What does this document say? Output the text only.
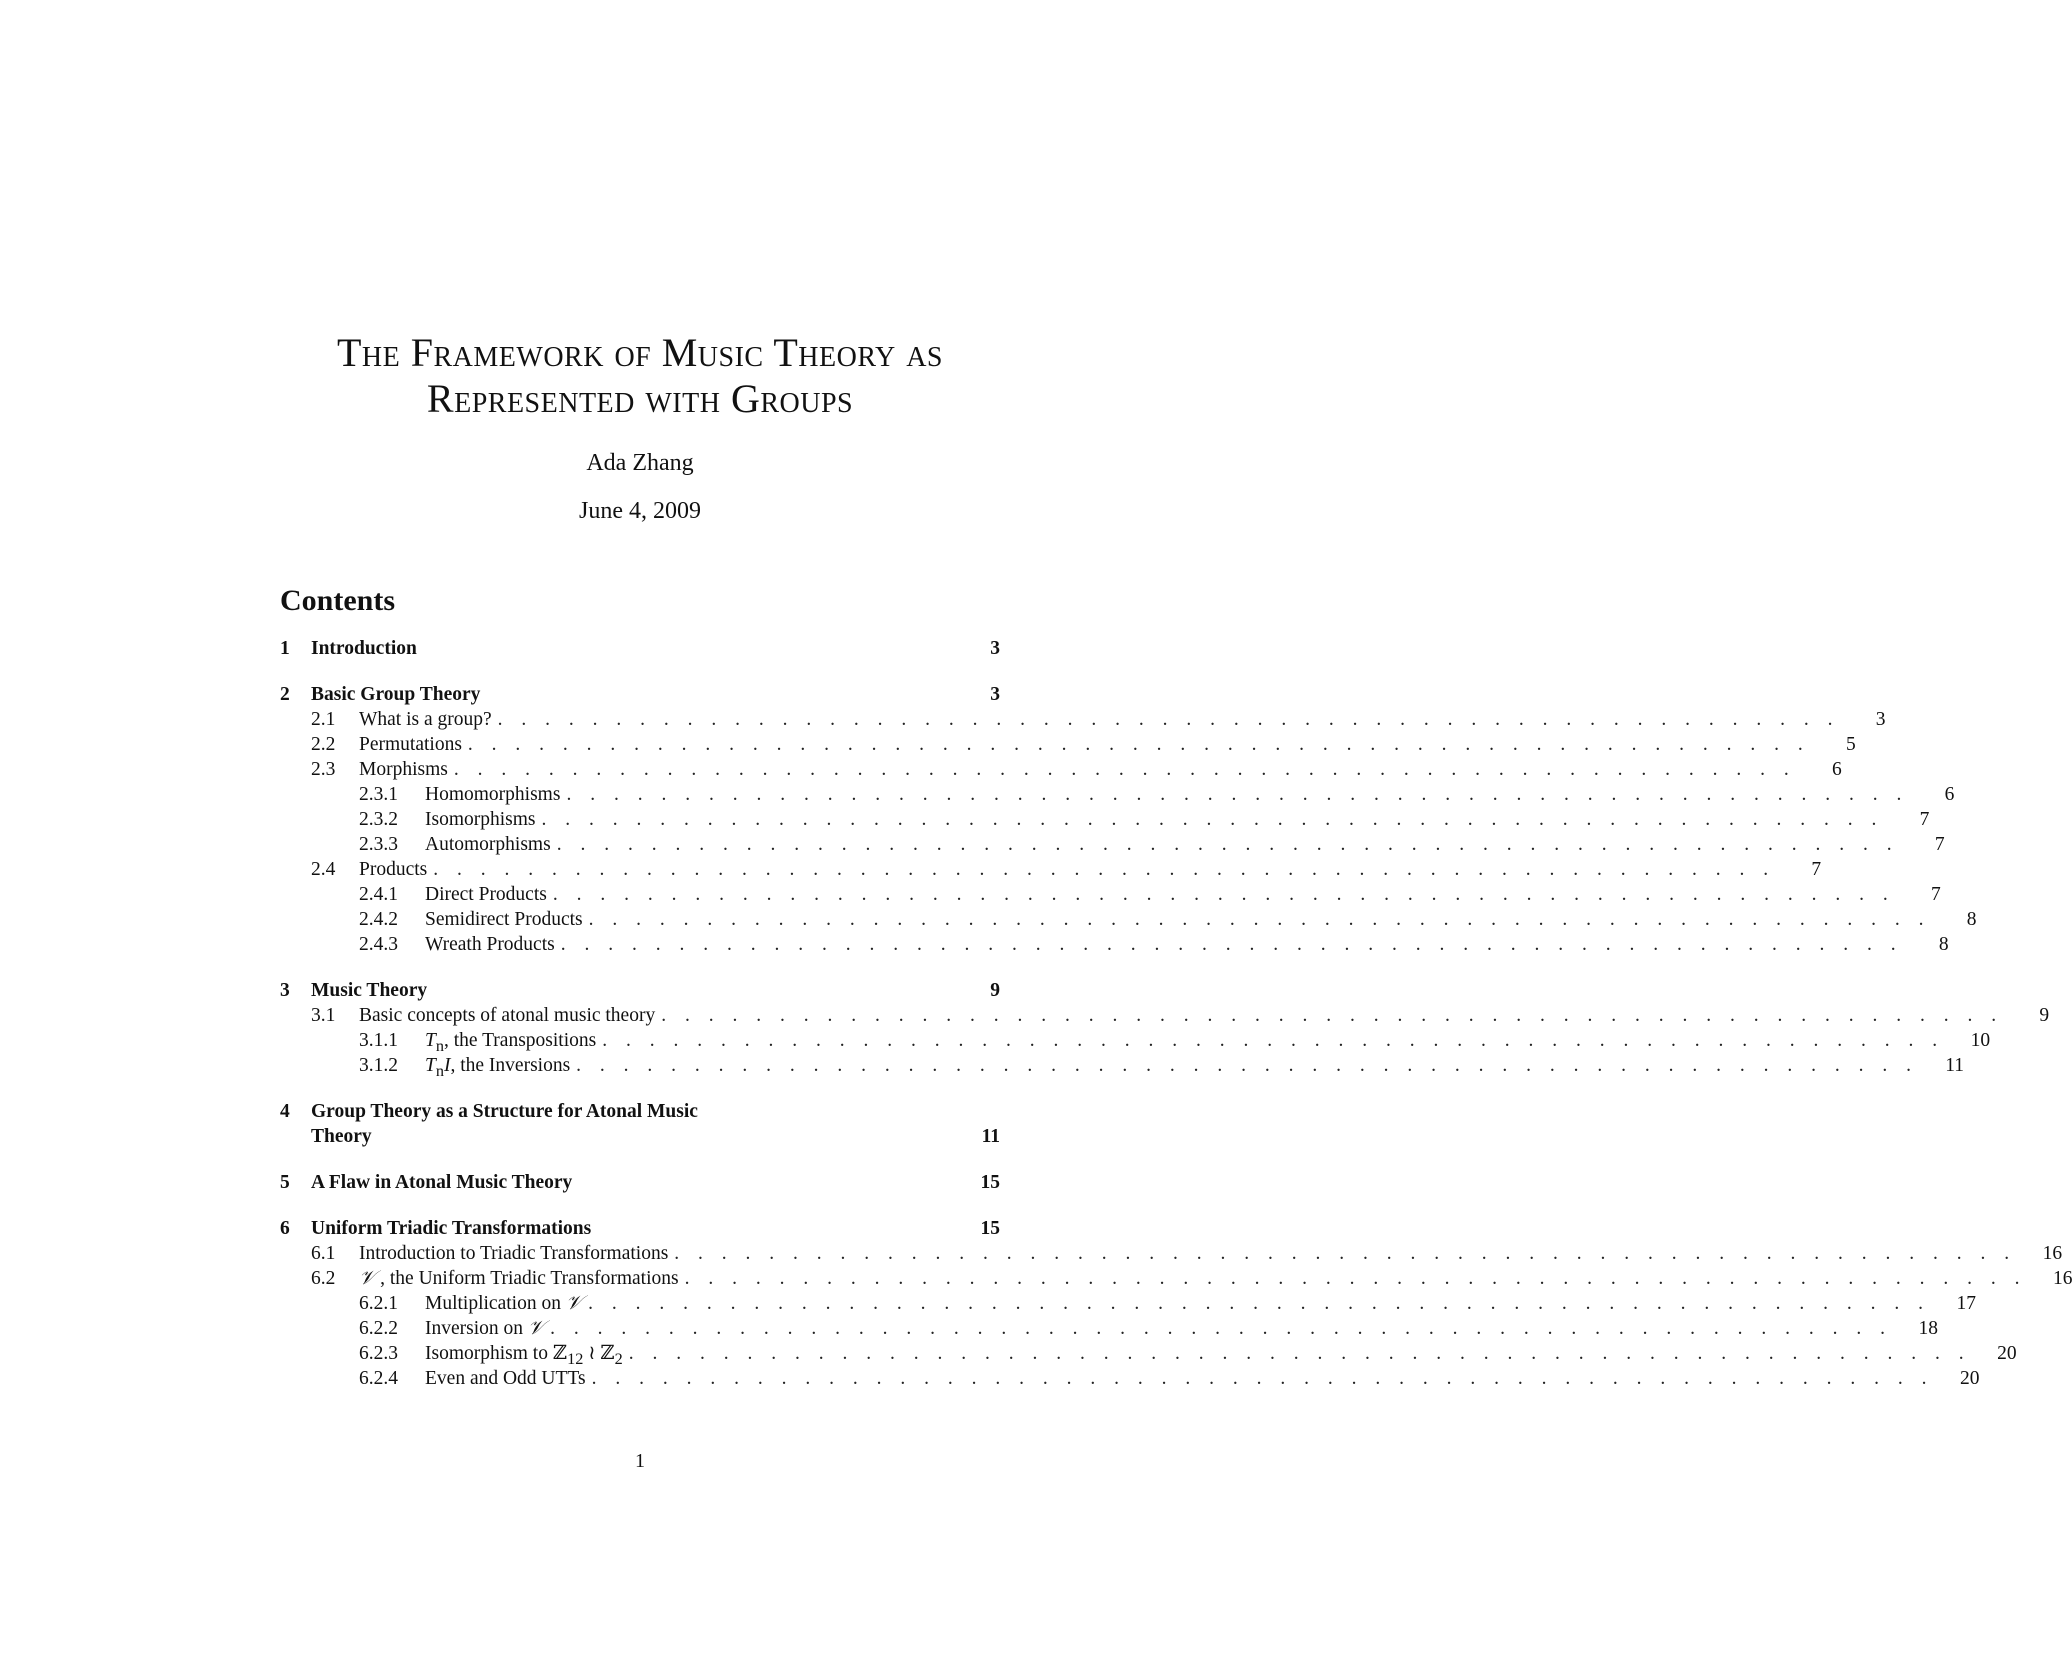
The Framework of Music Theory as
Represented with Groups
Ada Zhang
June 4, 2009
Contents
1	Introduction	3
2	Basic Group Theory	3
2.1	What is a group? . . . . . . . . . . . . . . . . . . . . . . . . . . . . . . . . . . . . . . . . . . . . . . . . . . . . . . . . .	3
2.2	Permutations . . . . . . . . . . . . . . . . . . . . . . . . . . . . . . . . . . . . . . . . . . . . . . . . . . . . . . . . .	5
2.3	Morphisms . . . . . . . . . . . . . . . . . . . . . . . . . . . . . . . . . . . . . . . . . . . . . . . . . . . . . . . . .	6
2.3.1	Homomorphisms . . . . . . . . . . . . . . . . . . . . . . . . . . . . . . . . . . . . . . . . . . . . . . . . . . . . . . . . .	6
2.3.2	Isomorphisms . . . . . . . . . . . . . . . . . . . . . . . . . . . . . . . . . . . . . . . . . . . . . . . . . . . . . . . . .	7
2.3.3	Automorphisms . . . . . . . . . . . . . . . . . . . . . . . . . . . . . . . . . . . . . . . . . . . . . . . . . . . . . . . . .	7
2.4	Products . . . . . . . . . . . . . . . . . . . . . . . . . . . . . . . . . . . . . . . . . . . . . . . . . . . . . . . . .	7
2.4.1	Direct Products . . . . . . . . . . . . . . . . . . . . . . . . . . . . . . . . . . . . . . . . . . . . . . . . . . . . . . . . .	7
2.4.2	Semidirect Products . . . . . . . . . . . . . . . . . . . . . . . . . . . . . . . . . . . . . . . . . . . . . . . . . . . . . . . . .	8
2.4.3	Wreath Products . . . . . . . . . . . . . . . . . . . . . . . . . . . . . . . . . . . . . . . . . . . . . . . . . . . . . . . . .	8
3	Music Theory	9
3.1	Basic concepts of atonal music theory . . . . . . . . . . . . . . . . . . . . . . . . . . . . . . . . . . . . . . . . . . . . . . . . . . . . . . . . .	9
3.1.1	$T_n$, the Transpositions . . . . . . . . . . . . . . . . . . . . . . . . . . . . . . . . . . . . . . . . . . . . . . . . . . . . . . . . .	10
3.1.2	$T_nI$, the Inversions . . . . . . . . . . . . . . . . . . . . . . . . . . . . . . . . . . . . . . . . . . . . . . . . . . . . . . . . .	11
4	Group Theory as a Structure for Atonal Music Theory	11
5	A Flaw in Atonal Music Theory	15
6	Uniform Triadic Transformations	15
6.1	Introduction to Triadic Transformations . . . . . . . . . . . . . . . . . . . . . . . . . . . . . . . . . . . . . . . . . . . . . . . . . . . . . . . . .	16
6.2	𝒱 , the Uniform Triadic Transformations . . . . . . . . . . . . . . . . . . . . . . . . . . . . . . . . . . . . . . . . . . . . . . . . . . . . . . . . .	16
6.2.1	Multiplication on 𝒱 . . . . . . . . . . . . . . . . . . . . . . . . . . . . . . . . . . . . . . . . . . . . . . . . . . . . . . . . .	17
6.2.2	Inversion on 𝒱 . . . . . . . . . . . . . . . . . . . . . . . . . . . . . . . . . . . . . . . . . . . . . . . . . . . . . . . . .	18
6.2.3	Isomorphism to ℤ$_{12}$ ≀ ℤ$_2$ . . . . . . . . . . . . . . . . . . . . . . . . . . . . . . . . . . . . . . . . . . . . . . . . . . . . . . . . .	20
6.2.4	Even and Odd UTTs . . . . . . . . . . . . . . . . . . . . . . . . . . . . . . . . . . . . . . . . . . . . . . . . . . . . . . . . .	20
1
